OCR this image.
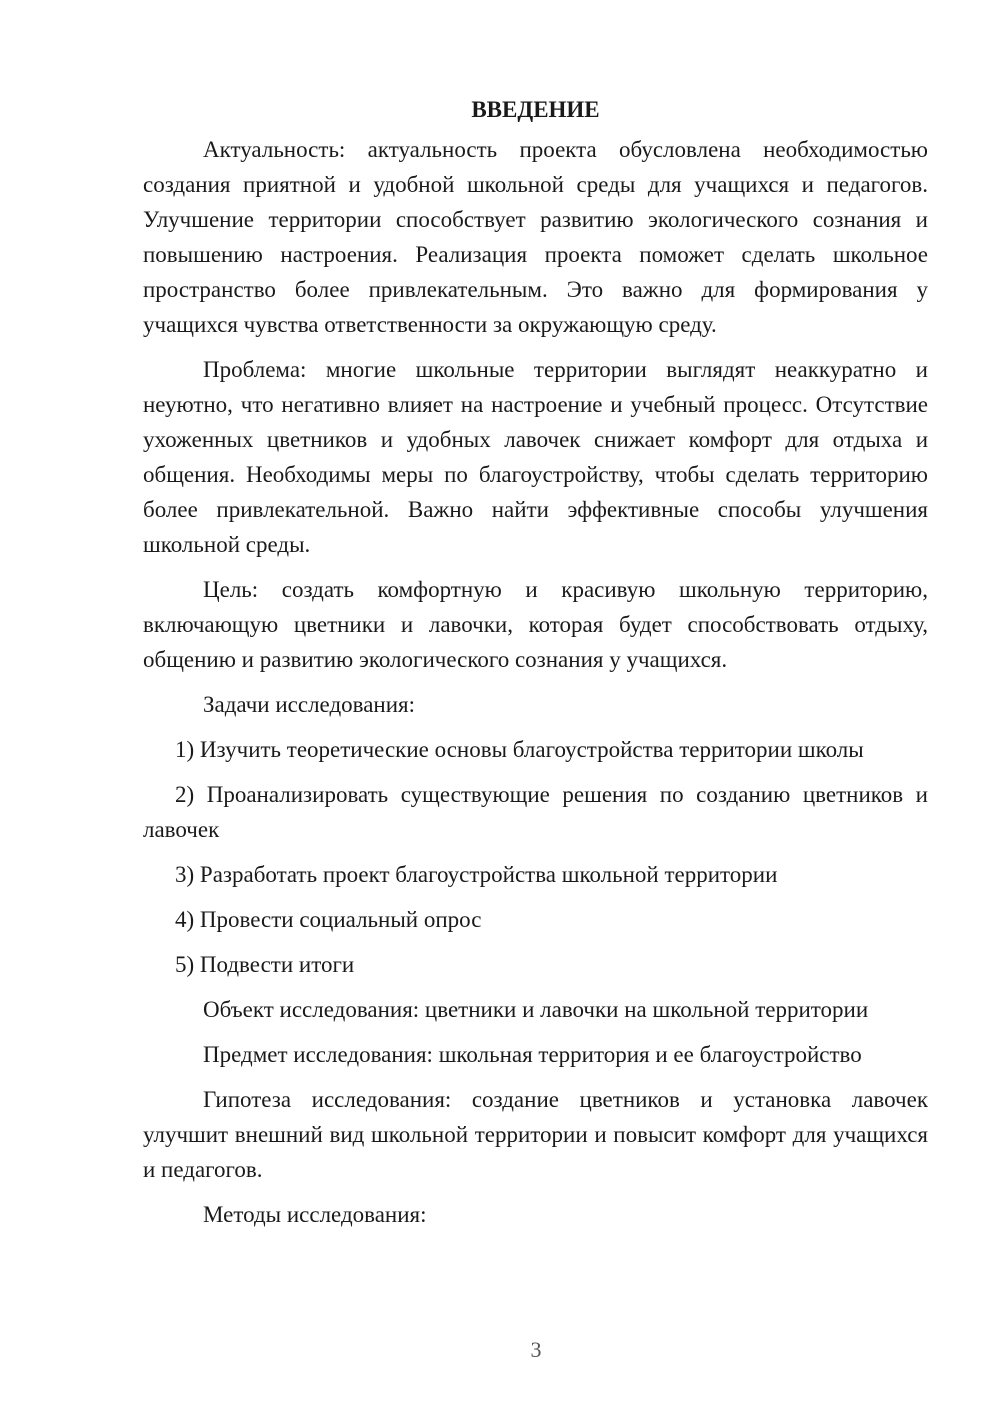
ВВЕДЕНИЕ

Актуальность: актуальность проекта обусловлена необходимостью создания приятной и удобной школьной среды для учащихся и педагогов. Улучшение территории способствует развитию экологического сознания и повышению настроения. Реализация проекта поможет сделать школьное пространство более привлекательным. Это важно для формирования у учащихся чувства ответственности за окружающую среду.

Проблема: многие школьные территории выглядят неаккуратно и неуютно, что негативно влияет на настроение и учебный процесс. Отсутствие ухоженных цветников и удобных лавочек снижает комфорт для отдыха и общения. Необходимы меры по благоустройству, чтобы сделать территорию более привлекательной. Важно найти эффективные способы улучшения школьной среды.

Цель: создать комфортную и красивую школьную территорию, включающую цветники и лавочки, которая будет способствовать отдыху, общению и развитию экологического сознания у учащихся.

Задачи исследования:

1) Изучить теоретические основы благоустройства территории школы

2) Проанализировать существующие решения по созданию цветников и лавочек

3) Разработать проект благоустройства школьной территории

4) Провести социальный опрос

5) Подвести итоги

Объект исследования: цветники и лавочки на школьной территории

Предмет исследования: школьная территория и ее благоустройство

Гипотеза исследования: создание цветников и установка лавочек улучшит внешний вид школьной территории и повысит комфорт для учащихся и педагогов.

Методы исследования:

3
